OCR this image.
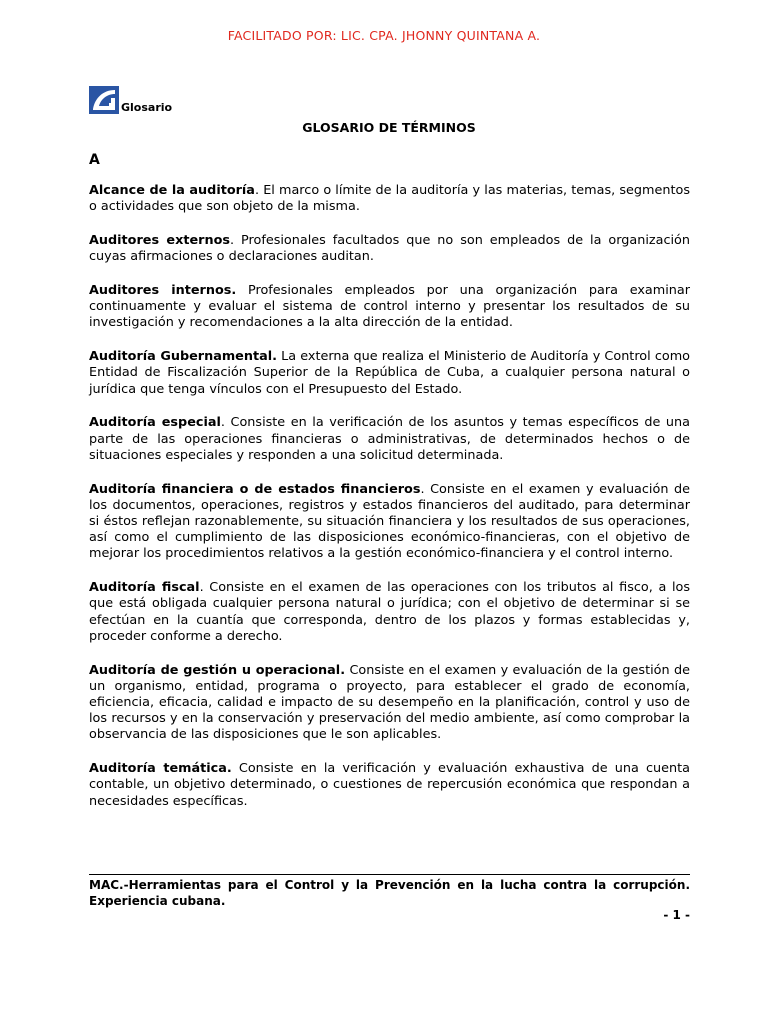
FACILITADO POR: LIC. CPA. JHONNY QUINTANA A.
Glosario
GLOSARIO DE TÉRMINOS
A

Alcance de la auditoría. El marco o límite de la auditoría y las materias, temas, segmentos o actividades que son objeto de la misma.

Auditores externos. Profesionales facultados que no son empleados de la organización cuyas afirmaciones o declaraciones auditan.

Auditores internos. Profesionales empleados por una organización para examinar continuamente y evaluar el sistema de control interno y presentar los resultados de su investigación y recomendaciones a la alta dirección de la entidad.

Auditoría Gubernamental. La externa que realiza el Ministerio de Auditoría y Control como Entidad de Fiscalización Superior de la República de Cuba, a cualquier persona natural o jurídica que tenga vínculos con el Presupuesto del Estado.

Auditoría especial. Consiste en la verificación de los asuntos y temas específicos de una parte de las operaciones financieras o administrativas, de determinados hechos o de situaciones especiales y responden a una solicitud determinada.

Auditoría financiera o de estados financieros. Consiste en el examen y evaluación de los documentos, operaciones, registros y estados financieros del auditado, para determinar si éstos reflejan razonablemente, su situación financiera y los resultados de sus operaciones, así como el cumplimiento de las disposiciones económico-financieras, con el objetivo de mejorar los procedimientos relativos a la gestión económico-financiera y el control interno.

Auditoría fiscal. Consiste en el examen de las operaciones con los tributos al fisco, a los que está obligada cualquier persona natural o jurídica; con el objetivo de determinar si se efectúan en la cuantía que corresponda, dentro de los plazos y formas establecidas y, proceder conforme a derecho.

Auditoría de gestión u operacional. Consiste en el examen y evaluación de la gestión de un organismo, entidad, programa o proyecto, para establecer el grado de economía, eficiencia, eficacia, calidad e impacto de su desempeño en la planificación, control y uso de los recursos y en la conservación y preservación del medio ambiente, así como comprobar la observancia de las disposiciones que le son aplicables.

Auditoría temática. Consiste en la verificación y evaluación exhaustiva de una cuenta contable, un objetivo determinado, o cuestiones de repercusión económica que respondan a necesidades específicas.

MAC.-Herramientas para el Control y la Prevención en la lucha contra la corrupción. Experiencia cubana.
- 1 -
